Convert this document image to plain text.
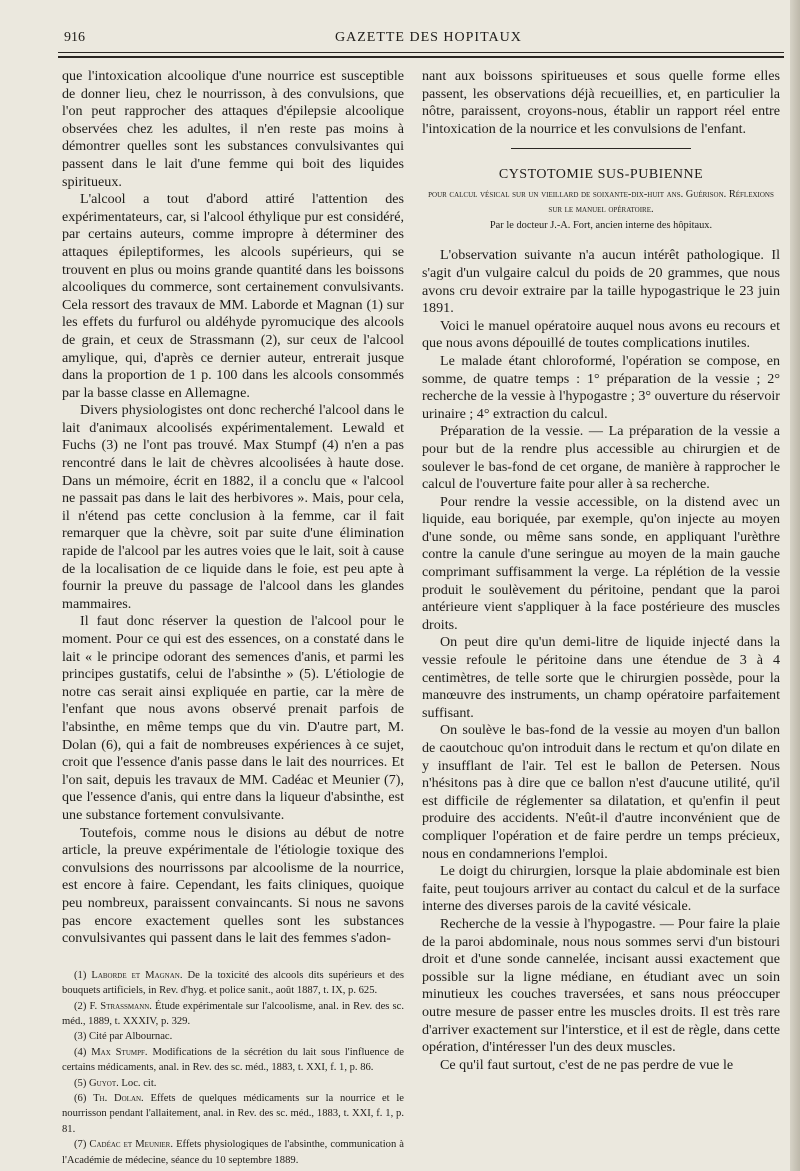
916	GAZETTE DES HOPITAUX

que l'intoxication alcoolique d'une nourrice est susceptible de donner lieu, chez le nourrisson, à des convulsions, que l'on peut rapprocher des attaques d'épilepsie alcoolique observées chez les adultes, il n'en reste pas moins à démontrer quelles sont les substances convulsivantes qui passent dans le lait d'une femme qui boit des liquides spiritueux.

L'alcool a tout d'abord attiré l'attention des expérimentateurs, car, si l'alcool éthylique pur est considéré, par certains auteurs, comme impropre à déterminer des attaques épileptiformes, les alcools supérieurs, qui se trouvent en plus ou moins grande quantité dans les boissons alcooliques du commerce, sont certainement convulsivants. Cela ressort des travaux de MM. Laborde et Magnan (1) sur les effets du furfurol ou aldéhyde pyromucique des alcools de grain, et ceux de Strassmann (2), sur ceux de l'alcool amylique, qui, d'après ce dernier auteur, entrerait jusque dans la proportion de 1 p. 100 dans les alcools consommés par la basse classe en Allemagne.

Divers physiologistes ont donc recherché l'alcool dans le lait d'animaux alcoolisés expérimentalement. Lewald et Fuchs (3) ne l'ont pas trouvé. Max Stumpf (4) n'en a pas rencontré dans le lait de chèvres alcoolisées à haute dose. Dans un mémoire, écrit en 1882, il a conclu que « l'alcool ne passait pas dans le lait des herbivores ». Mais, pour cela, il n'étend pas cette conclusion à la femme, car il fait remarquer que la chèvre, soit par suite d'une élimination rapide de l'alcool par les autres voies que le lait, soit à cause de la localisation de ce liquide dans le foie, est peu apte à fournir la preuve du passage de l'alcool dans les glandes mammaires.

Il faut donc réserver la question de l'alcool pour le moment. Pour ce qui est des essences, on a constaté dans le lait « le principe odorant des semences d'anis, et parmi les principes gustatifs, celui de l'absinthe » (5). L'étiologie de notre cas serait ainsi expliquée en partie, car la mère de l'enfant que nous avons observé prenait parfois de l'absinthe, en même temps que du vin. D'autre part, M. Dolan (6), qui a fait de nombreuses expériences à ce sujet, croit que l'essence d'anis passe dans le lait des nourrices. Et l'on sait, depuis les travaux de MM. Cadéac et Meunier (7), que l'essence d'anis, qui entre dans la liqueur d'absinthe, est une substance fortement convulsivante.

Toutefois, comme nous le disions au début de notre article, la preuve expérimentale de l'étiologie toxique des convulsions des nourrissons par alcoolisme de la nourrice, est encore à faire. Cependant, les faits cliniques, quoique peu nombreux, paraissent convaincants. Si nous ne savons pas encore exactement quelles sont les substances convulsivantes qui passent dans le lait des femmes s'adon-

(1) Laborde et Magnan. De la toxicité des alcools dits supérieurs et des bouquets artificiels, in Rev. d'hyg. et police sanit., août 1887, t. IX, p. 625.

(2) F. Strassmann. Étude expérimentale sur l'alcoolisme, anal. in Rev. des sc. méd., 1889, t. XXXIV, p. 329.

(3) Cité par Albournac.

(4) Max Stumpf. Modifications de la sécrétion du lait sous l'influence de certains médicaments, anal. in Rev. des sc. méd., 1883, t. XXI, f. 1, p. 86.

(5) Guyot. Loc. cit.

(6) Th. Dolan. Effets de quelques médicaments sur la nourrice et le nourrisson pendant l'allaitement, anal. in Rev. des sc. méd., 1883, t. XXI, f. 1, p. 81.

(7) Cadéac et Meunier. Effets physiologiques de l'absinthe, communication à l'Académie de médecine, séance du 10 septembre 1889.

nant aux boissons spiritueuses et sous quelle forme elles passent, les observations déjà recueillies, et, en particulier la nôtre, paraissent, croyons-nous, établir un rapport réel entre l'intoxication de la nourrice et les convulsions de l'enfant.

CYSTOTOMIE SUS-PUBIENNE

pour calcul vésical sur un vieillard de soixante-dix-huit ans. Guérison. Réflexions sur le manuel opératoire.

Par le docteur J.-A. Fort, ancien interne des hôpitaux.

L'observation suivante n'a aucun intérêt pathologique. Il s'agit d'un vulgaire calcul du poids de 20 grammes, que nous avons cru devoir extraire par la taille hypogastrique le 23 juin 1891.

Voici le manuel opératoire auquel nous avons eu recours et que nous avons dépouillé de toutes complications inutiles.

Le malade étant chloroformé, l'opération se compose, en somme, de quatre temps : 1° préparation de la vessie ; 2° recherche de la vessie à l'hypogastre ; 3° ouverture du réservoir urinaire ; 4° extraction du calcul.

Préparation de la vessie. — La préparation de la vessie a pour but de la rendre plus accessible au chirurgien et de soulever le bas-fond de cet organe, de manière à rapprocher le calcul de l'ouverture faite pour aller à sa recherche.

Pour rendre la vessie accessible, on la distend avec un liquide, eau boriquée, par exemple, qu'on injecte au moyen d'une sonde, ou même sans sonde, en appliquant l'urèthre contre la canule d'une seringue au moyen de la main gauche comprimant suffisamment la verge. La réplétion de la vessie produit le soulèvement du péritoine, pendant que la paroi antérieure vient s'appliquer à la face postérieure des muscles droits.

On peut dire qu'un demi-litre de liquide injecté dans la vessie refoule le péritoine dans une étendue de 3 à 4 centimètres, de telle sorte que le chirurgien possède, pour la manœuvre des instruments, un champ opératoire parfaitement suffisant.

On soulève le bas-fond de la vessie au moyen d'un ballon de caoutchouc qu'on introduit dans le rectum et qu'on dilate en y insufflant de l'air. Tel est le ballon de Petersen. Nous n'hésitons pas à dire que ce ballon n'est d'aucune utilité, qu'il est difficile de réglementer sa dilatation, et qu'enfin il peut produire des accidents. N'eût-il d'autre inconvénient que de compliquer l'opération et de faire perdre un temps précieux, nous en condamnerions l'emploi.

Le doigt du chirurgien, lorsque la plaie abdominale est bien faite, peut toujours arriver au contact du calcul et de la surface interne des diverses parois de la cavité vésicale.

Recherche de la vessie à l'hypogastre. — Pour faire la plaie de la paroi abdominale, nous nous sommes servi d'un bistouri droit et d'une sonde cannelée, incisant aussi exactement que possible sur la ligne médiane, en étudiant avec un soin minutieux les couches traversées, et sans nous préoccuper outre mesure de passer entre les muscles droits. Il est très rare d'arriver exactement sur l'interstice, et il est de règle, dans cette opération, d'intéresser l'un des deux muscles.

Ce qu'il faut surtout, c'est de ne pas perdre de vue le
